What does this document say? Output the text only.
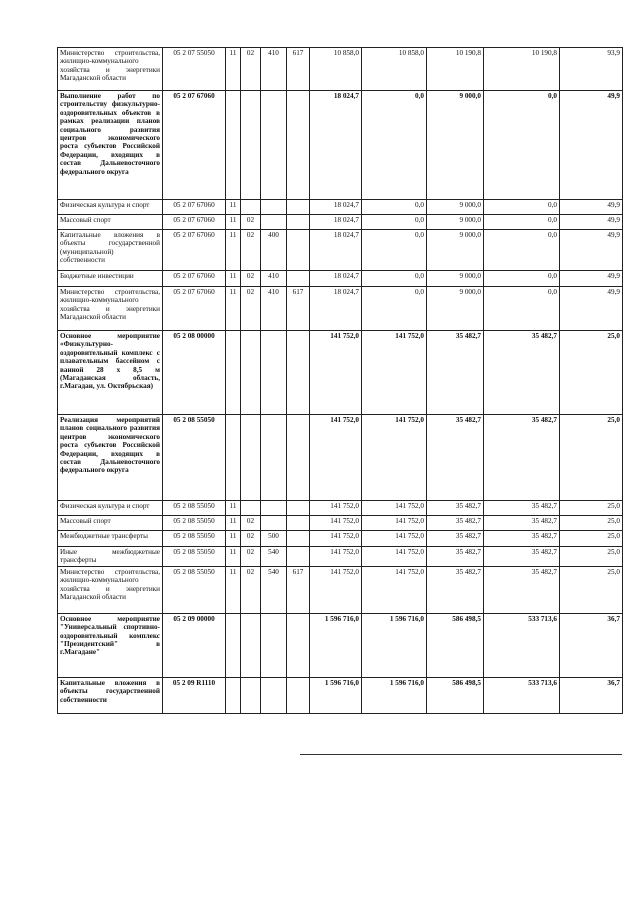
Министерство строительства, жилищно-коммунального хозяйства и энергетики Магаданской области	05 2 07 55050	11	02	410	617	10 858,0	10 858,0	10 190,8	10 190,8	93,9
Выполнение работ по строительству физкультурно-оздоровительных объектов в рамках реализации планов социального развития центров экономического роста субъектов Российской Федерации, входящих в состав Дальневосточного федерального округа	05 2 07 67060					18 024,7	0,0	9 000,0	0,0	49,9
Физическая культура и спорт	05 2 07 67060	11				18 024,7	0,0	9 000,0	0,0	49,9
Массовый спорт	05 2 07 67060	11	02			18 024,7	0,0	9 000,0	0,0	49,9
Капитальные вложения в объекты государственной (муниципальной) собственности	05 2 07 67060	11	02	400		18 024,7	0,0	9 000,0	0,0	49,9
Бюджетные инвестиции	05 2 07 67060	11	02	410		18 024,7	0,0	9 000,0	0,0	49,9
Министерство строительства, жилищно-коммунального хозяйства и энергетики Магаданской области	05 2 07 67060	11	02	410	617	18 024,7	0,0	9 000,0	0,0	49,9
Основное мероприятие «Физкультурно-оздоровительный комплекс с плавательным бассейном с ванной 28 х 8,5 м (Магаданская область, г.Магадан, ул. Октябрьская)	05 2 08 00000					141 752,0	141 752,0	35 482,7	35 482,7	25,0
Реализация мероприятий планов социального развития центров экономического роста субъектов Российской Федерации, входящих в состав Дальневосточного федерального округа	05 2 08 55050					141 752,0	141 752,0	35 482,7	35 482,7	25,0
Физическая культура и спорт	05 2 08 55050	11				141 752,0	141 752,0	35 482,7	35 482,7	25,0
Массовый спорт	05 2 08 55050	11	02			141 752,0	141 752,0	35 482,7	35 482,7	25,0
Межбюджетные трансферты	05 2 08 55050	11	02	500		141 752,0	141 752,0	35 482,7	35 482,7	25,0
Иные межбюджетные трансферты	05 2 08 55050	11	02	540		141 752,0	141 752,0	35 482,7	35 482,7	25,0
Министерство строительства, жилищно-коммунального хозяйства и энергетики Магаданской области	05 2 08 55050	11	02	540	617	141 752,0	141 752,0	35 482,7	35 482,7	25,0
Основное мероприятие "Универсальный спортивно-оздоровительный комплекс "Президентский" в г.Магадане"	05 2 09 00000					1 596 716,0	1 596 716,0	586 498,5	533 713,6	36,7
Капитальные вложения в объекты государственной собственности	05 2 09 R1110					1 596 716,0	1 596 716,0	586 498,5	533 713,6	36,7
